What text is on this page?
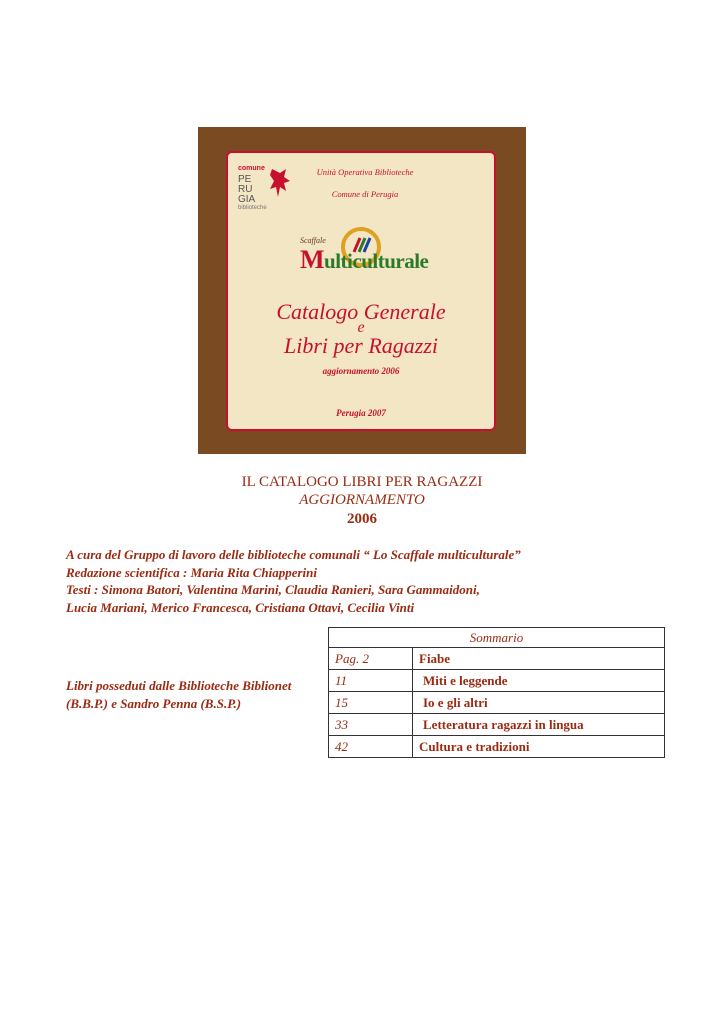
comune
PE
RU
GIA
biblioteche
Unità Operativa Biblioteche
Comune di Perugia
Scaffale
Multiculturale
Catalogo Generale
e
Libri per Ragazzi
aggiornamento 2006
Perugia 2007
IL CATALOGO LIBRI PER RAGAZZI
AGGIORNAMENTO
2006
A cura del Gruppo di lavoro delle biblioteche comunali “ Lo Scaffale multiculturale”
Redazione scientifica : Maria Rita Chiapperini
Testi : Simona Batori, Valentina Marini, Claudia Ranieri, Sara Gammaidoni,
Lucia Mariani, Merico Francesca, Cristiana Ottavi, Cecilia Vinti
Libri posseduti dalle Biblioteche Biblionet
(B.B.P.) e Sandro Penna (B.S.P.)
Sommario	
Pag. 2	Fiabe
11	Miti e leggende
15	Io e gli altri
33	Letteratura ragazzi in lingua
42	Cultura e tradizioni
